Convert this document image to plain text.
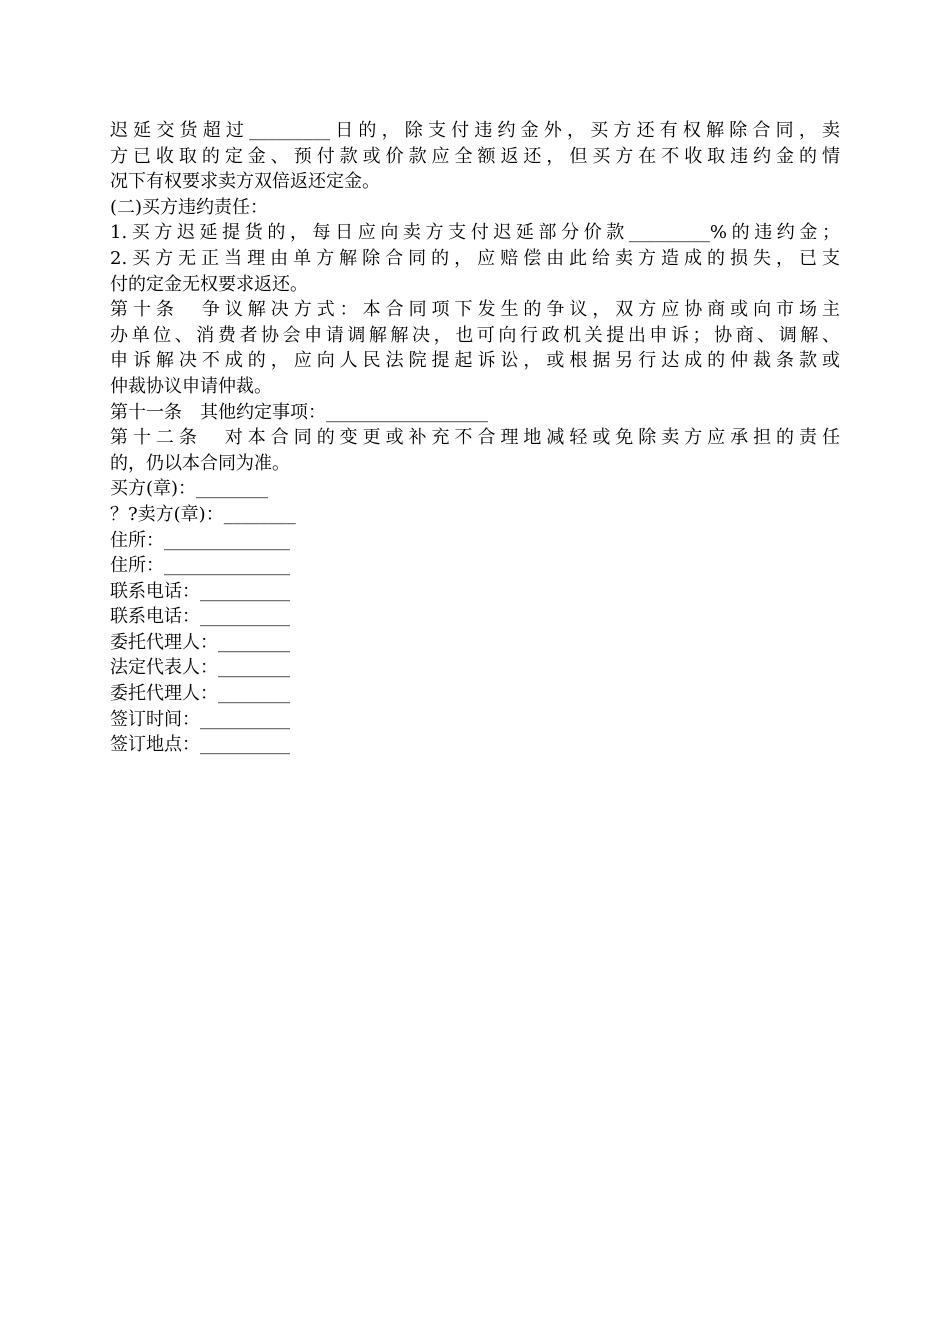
迟延交货超过_________日的，除支付违约金外，买方还有权解除合同，卖
方已收取的定金、预付款或价款应全额返还，但买方在不收取违约金的情
况下有权要求卖方双倍返还定金。
(二)买方违约责任：
1.买方迟延提货的，每日应向卖方支付迟延部分价款_________%的违约金；
2.买方无正当理由单方解除合同的，应赔偿由此给卖方造成的损失，已支
付的定金无权要求返还。
第十条　争议解决方式：本合同项下发生的争议，双方应协商或向市场主
办单位、消费者协会申请调解解决，也可向行政机关提出申诉；协商、调解、
申诉解决不成的，应向人民法院提起诉讼，或根据另行达成的仲裁条款或
仲裁协议申请仲裁。
第十一条　其他约定事项：__________________
第十二条　对本合同的变更或补充不合理地减轻或免除卖方应承担的责任
的，仍以本合同为准。
买方(章)：________
？?卖方(章)：________
住所：______________
住所：______________
联系电话：__________
联系电话：__________
委托代理人：________
法定代表人：________
委托代理人：________
签订时间：__________
签订地点：__________
